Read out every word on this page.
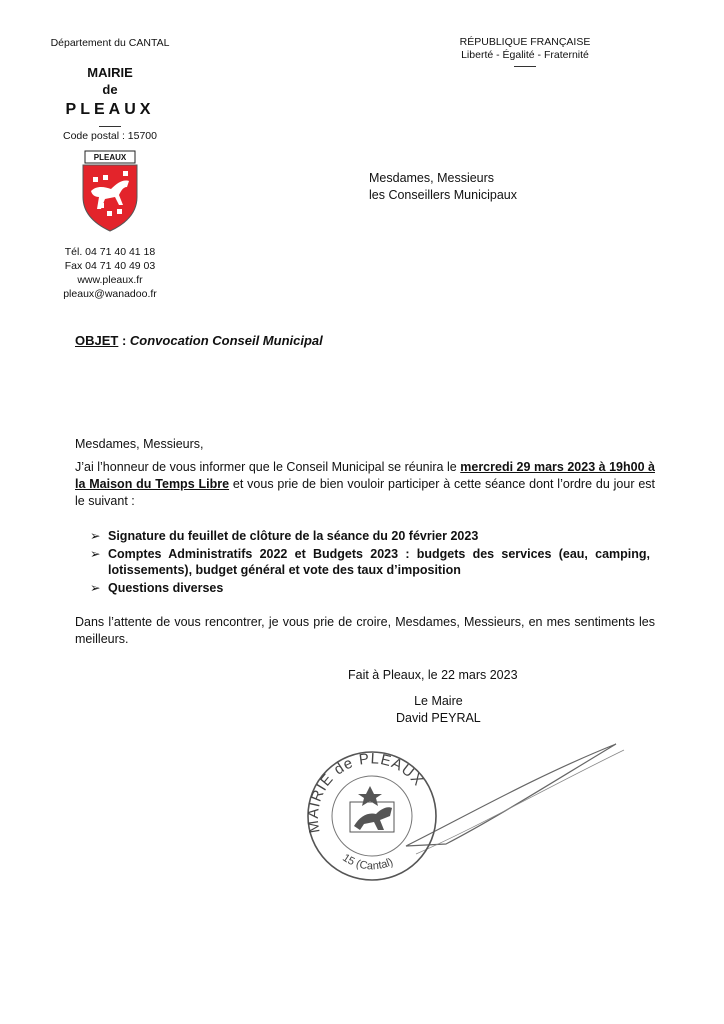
Département du CANTAL
MAIRIE
de
PLEAUX
Code postal : 15700
PLEAUX
Tél. 04 71 40 41 18
Fax 04 71 40 49 03
www.pleaux.fr
pleaux@wanadoo.fr
RÉPUBLIQUE FRANÇAISE
Liberté - Égalité - Fraternité
Mesdames, Messieurs
les Conseillers Municipaux
OBJET : Convocation Conseil Municipal
Mesdames, Messieurs,
J’ai l’honneur de vous informer que le Conseil Municipal se réunira le mercredi 29 mars 2023 à 19h00 à la Maison du Temps Libre et vous prie de bien vouloir participer à cette séance dont l’ordre du jour est le suivant :
➢ Signature du feuillet de clôture de la séance du 20 février 2023
➢ Comptes Administratifs 2022 et Budgets 2023 : budgets des services (eau, camping, lotissements), budget général et vote des taux d’imposition
➢ Questions diverses
Dans l’attente de vous rencontrer, je vous prie de croire, Mesdames, Messieurs, en mes sentiments les meilleurs.
Fait à Pleaux, le 22 mars 2023
Le Maire
David PEYRAL
MAIRIE de PLEAUX
15 (Cantal)
